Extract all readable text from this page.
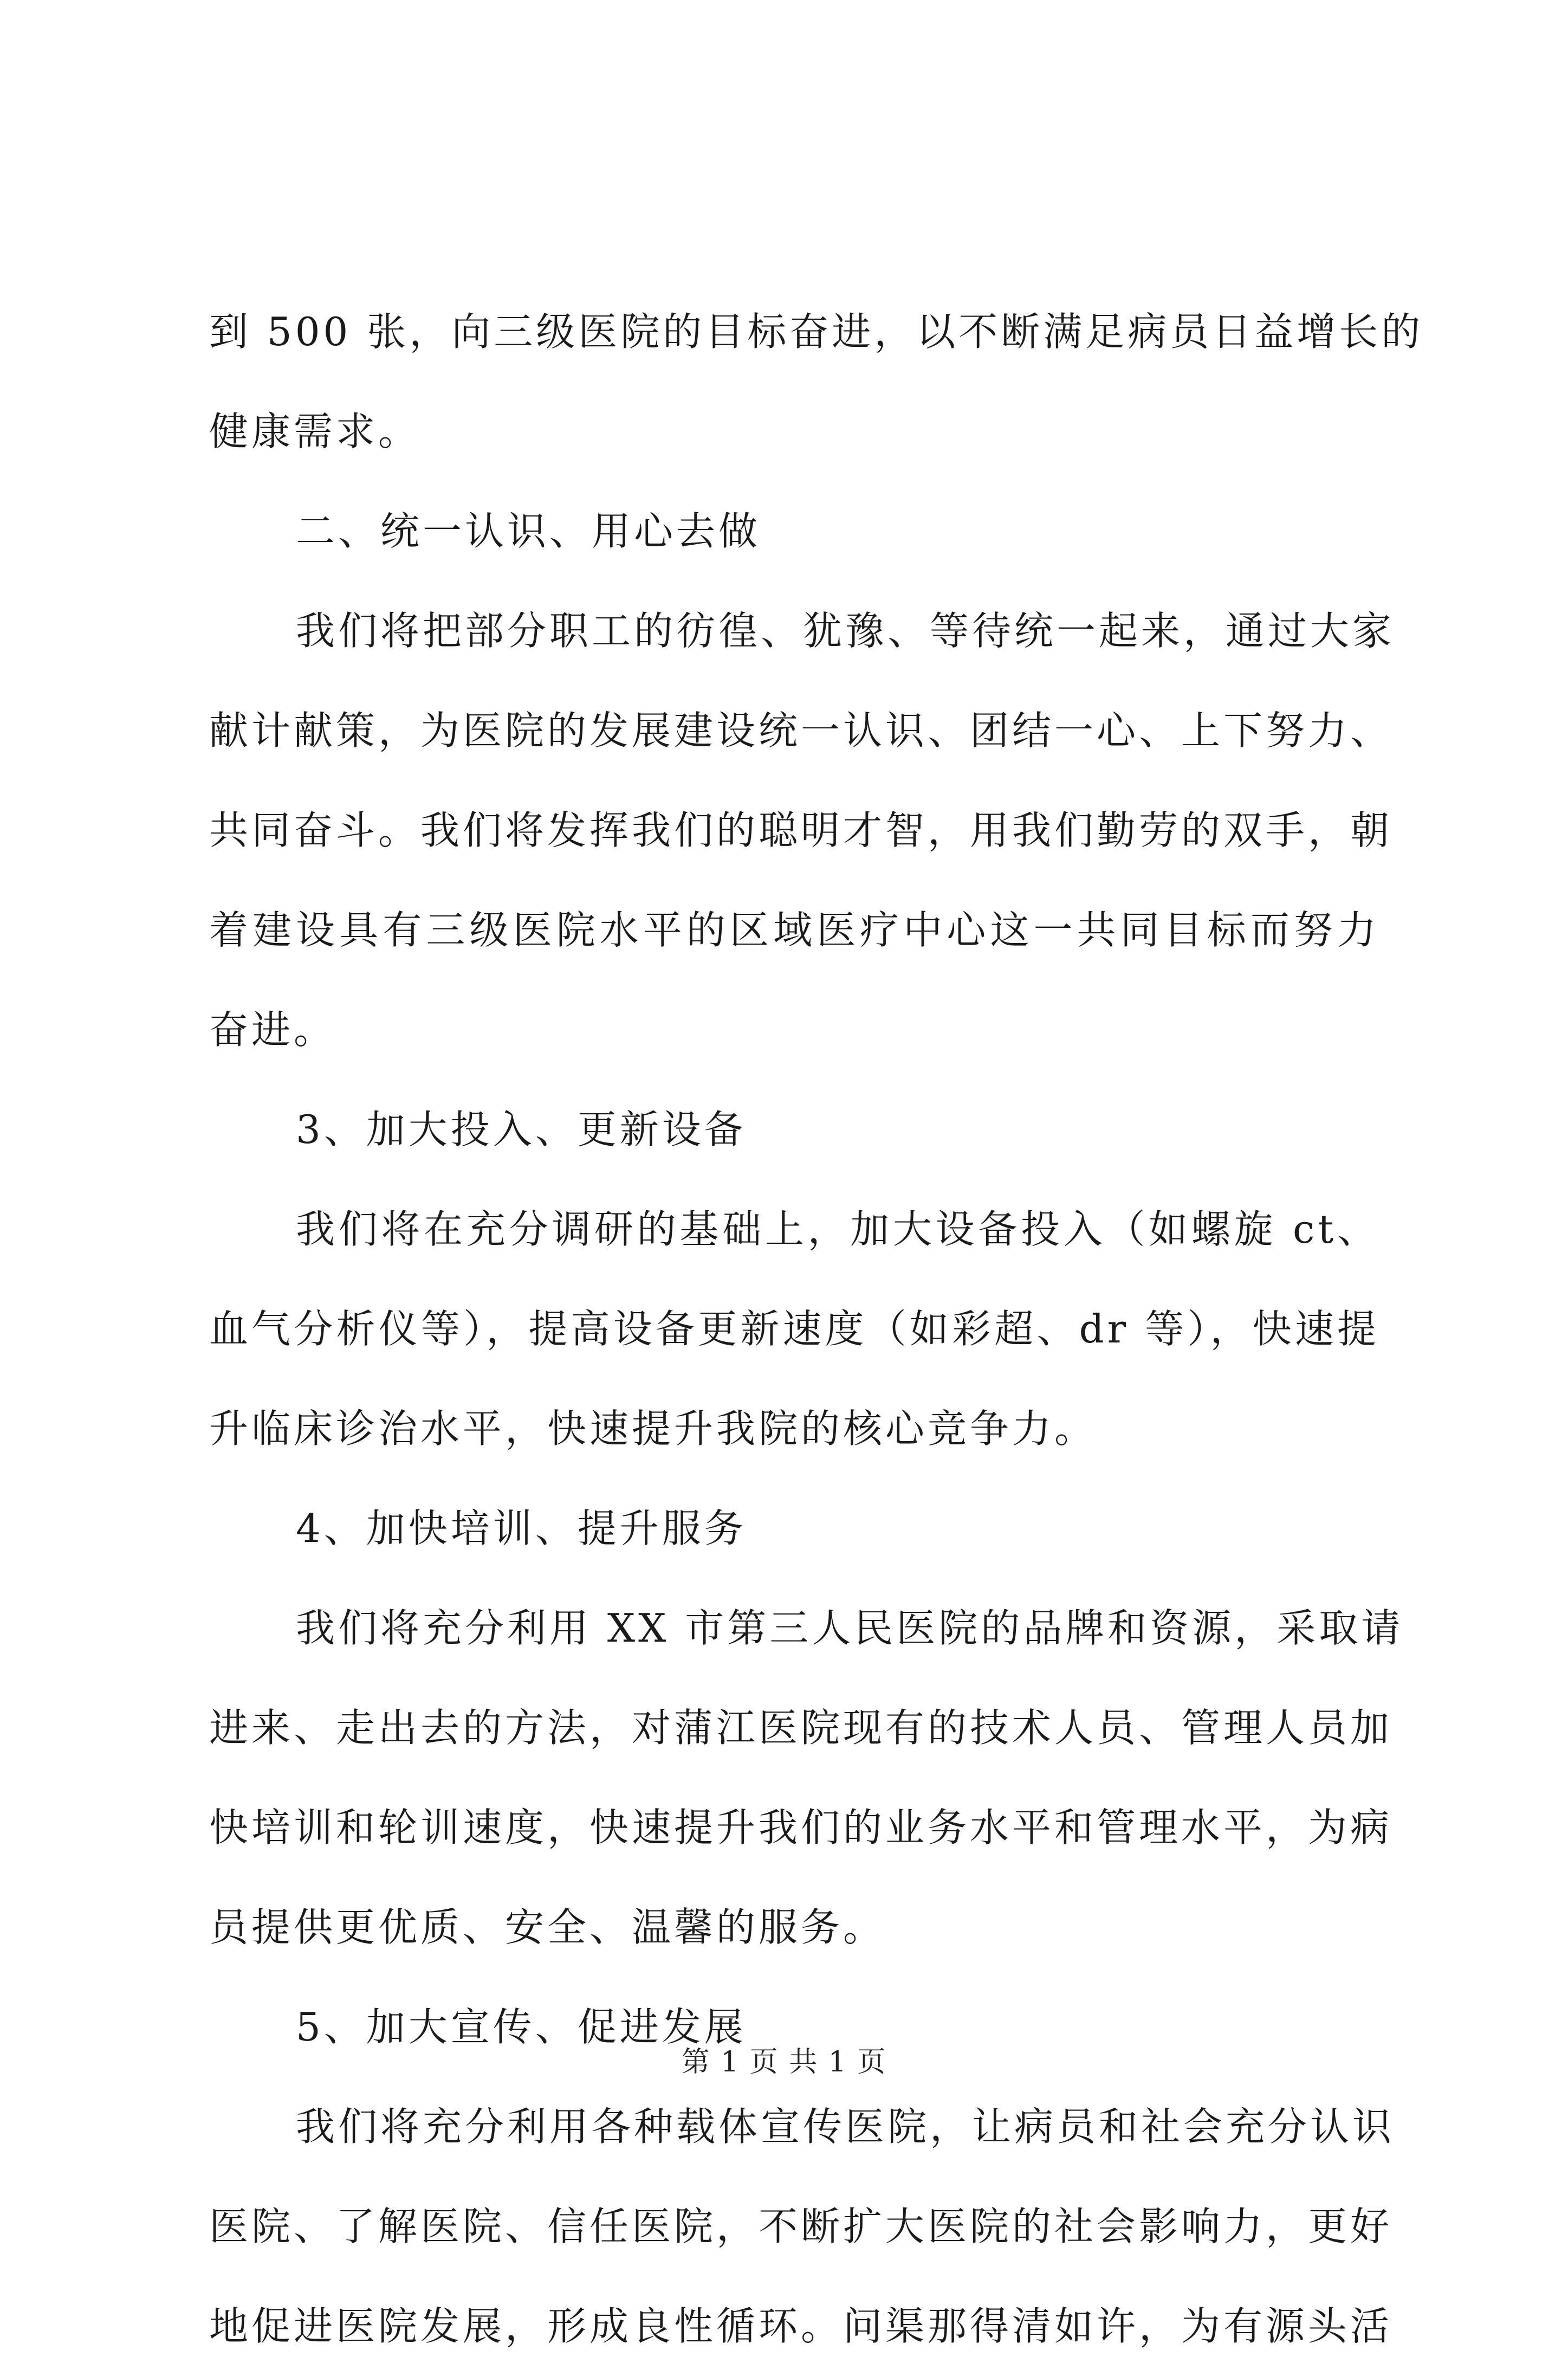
到 500 张，向三级医院的目标奋进，以不断满足病员日益增长的
健康需求。
二、统一认识、用心去做
我们将把部分职工的彷徨、犹豫、等待统一起来，通过大家
献计献策，为医院的发展建设统一认识、团结一心、上下努力、
共同奋斗。我们将发挥我们的聪明才智，用我们勤劳的双手，朝
着建设具有三级医院水平的区域医疗中心这一共同目标而努力
奋进。
3、加大投入、更新设备
我们将在充分调研的基础上，加大设备投入（如螺旋 ct、
血气分析仪等），提高设备更新速度（如彩超、dr 等），快速提
升临床诊治水平，快速提升我院的核心竞争力。
4、加快培训、提升服务
我们将充分利用 XX 市第三人民医院的品牌和资源，采取请
进来、走出去的方法，对蒲江医院现有的技术人员、管理人员加
快培训和轮训速度，快速提升我们的业务水平和管理水平，为病
员提供更优质、安全、温馨的服务。
5、加大宣传、促进发展
我们将充分利用各种载体宣传医院，让病员和社会充分认识
医院、了解医院、信任医院，不断扩大医院的社会影响力，更好
地促进医院发展，形成良性循环。问渠那得清如许，为有源头活
第 1 页 共 1 页
